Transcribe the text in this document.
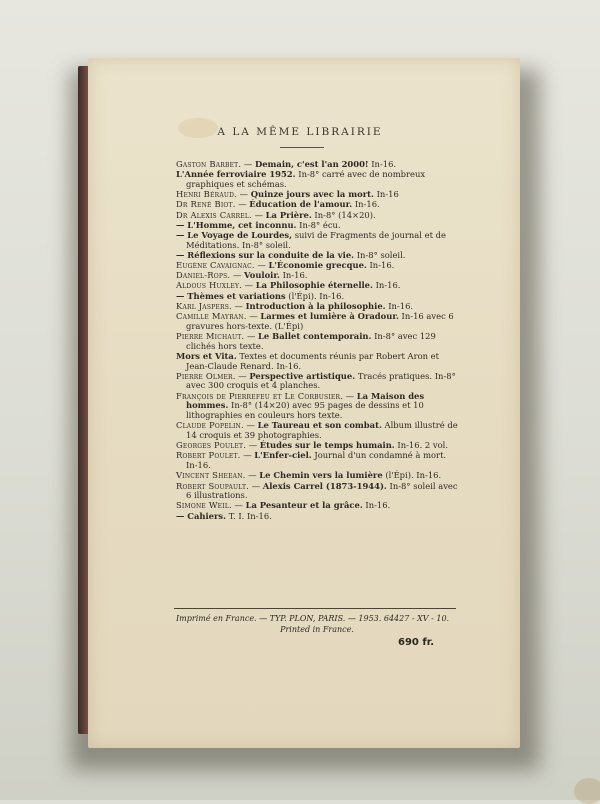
A LA MÊME LIBRAIRIE
Gaston Barbet. — Demain, c'est l'an 2000! In-16.
L'Année ferroviaire 1952. In-8° carré avec de nombreux graphiques et schémas.
Henri Béraud. — Quinze jours avec la mort. In-16
Dr René Biot. — Éducation de l'amour. In-16.
Dr Alexis Carrel. — La Prière. In-8° (14×20).
— L'Homme, cet inconnu. In-8° écu.
— Le Voyage de Lourdes, suivi de Fragments de journal et de Méditations. In-8° soleil.
— Réflexions sur la conduite de la vie. In-8° soleil.
Eugène Cavaignac. — L'Économie grecque. In-16.
Daniel-Rops. — Vouloir. In-16.
Aldous Huxley. — La Philosophie éternelle. In-16.
— Thèmes et variations (l'Épi). In-16.
Karl Jaspers. — Introduction à la philosophie. In-16.
Camille Mayran. — Larmes et lumière à Oradour. In-16 avec 6 gravures hors-texte. (L'Épi)
Pierre Michaut. — Le Ballet contemporain. In-8° avec 129 clichés hors texte.
Mors et Vita. Textes et documents réunis par Robert Aron et Jean-Claude Renard. In-16.
Pierre Olmer. — Perspective artistique. Tracés pratiques. In-8° avec 300 croquis et 4 planches.
François de Pierrefeu et Le Corbusier. — La Maison des hommes. In-8° (14×20) avec 95 pages de dessins et 10 lithographies en couleurs hors texte.
Claude Popelin. — Le Taureau et son combat. Album illustré de 14 croquis et 39 photographies.
Georges Poulet. — Études sur le temps humain. In-16. 2 vol.
Robert Poulet. — L'Enfer-ciel. Journal d'un condamné à mort. In-16.
Vincent Sheean. — Le Chemin vers la lumière (l'Épi). In-16.
Robert Soupault. — Alexis Carrel (1873-1944). In-8° soleil avec 6 illustrations.
Simone Weil. — La Pesanteur et la grâce. In-16.
— Cahiers. T. I. In-16.
Imprimé en France. — TYP. PLON, PARIS. — 1953. 64427 - XV - 10.
Printed in France.
690 fr.
